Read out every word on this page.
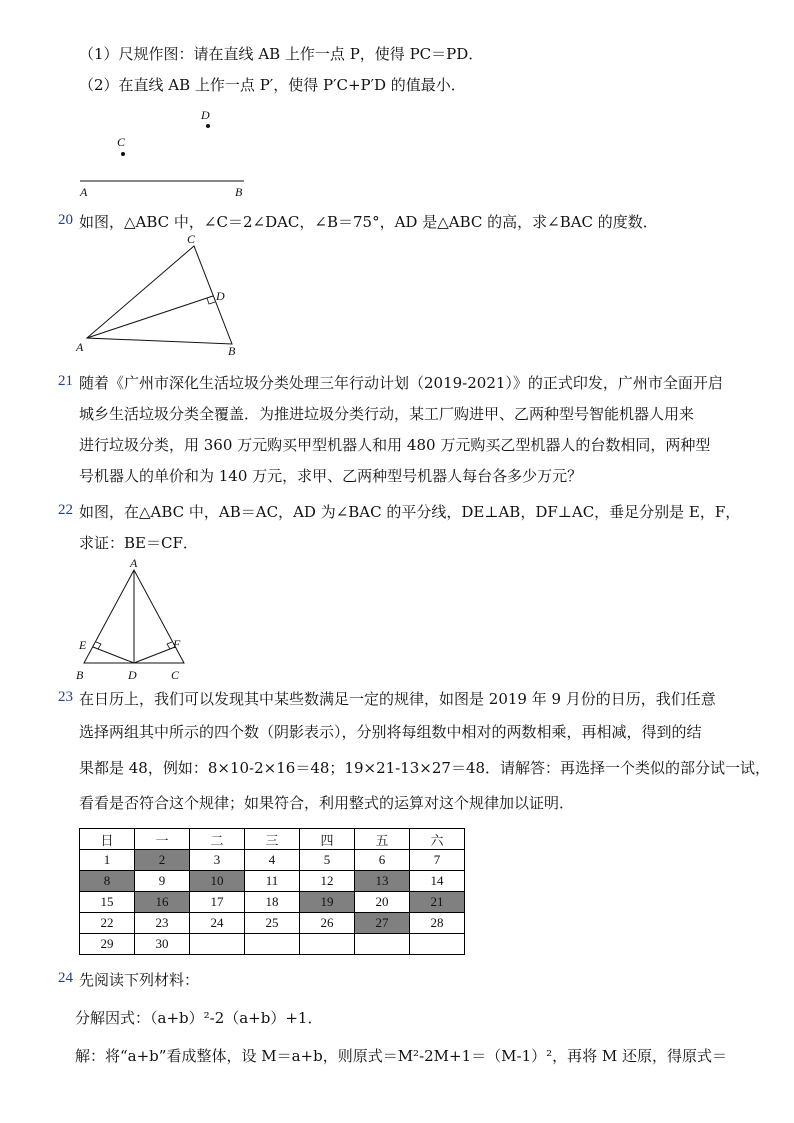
（1）尺规作图：请在直线 AB 上作一点 P，使得 PC＝PD．
（2）在直线 AB 上作一点 P′，使得 P′C+P′D 的值最小．
D
C
A	B
20 如图，△ABC 中，∠C＝2∠DAC，∠B＝75°，AD 是△ABC 的高，求∠BAC 的度数．
C
D
A	B
21 随着《广州市深化生活垃圾分类处理三年行动计划（2019-2021）》的正式印发，广州市全面开启
城乡生活垃圾分类全覆盖．为推进垃圾分类行动，某工厂购进甲、乙两种型号智能机器人用来
进行垃圾分类，用 360 万元购买甲型机器人和用 480 万元购买乙型机器人的台数相同，两种型
号机器人的单价和为 140 万元，求甲、乙两种型号机器人每台各多少万元？
22 如图，在△ABC 中，AB＝AC，AD 为∠BAC 的平分线，DE⊥AB，DF⊥AC，垂足分别是 E，F，
求证：BE＝CF．
A
E	F
B	D	C
23 在日历上，我们可以发现其中某些数满足一定的规律，如图是 2019 年 9 月份的日历，我们任意
选择两组其中所示的四个数（阴影表示），分别将每组数中相对的两数相乘，再相减，得到的结
果都是 48，例如：8×10-2×16＝48；19×21-13×27＝48．请解答：再选择一个类似的部分试一试，
看看是否符合这个规律；如果符合，利用整式的运算对这个规律加以证明．
日	一	二	三	四	五	六
1	2	3	4	5	6	7
8	9	10	11	12	13	14
15	16	17	18	19	20	21
22	23	24	25	26	27	28
29	30					
24 先阅读下列材料：
分解因式：（a+b）²-2（a+b）+1．
解：将“a+b”看成整体，设 M＝a+b，则原式＝M²-2M+1＝（M-1）²，再将 M 还原，得原式＝
